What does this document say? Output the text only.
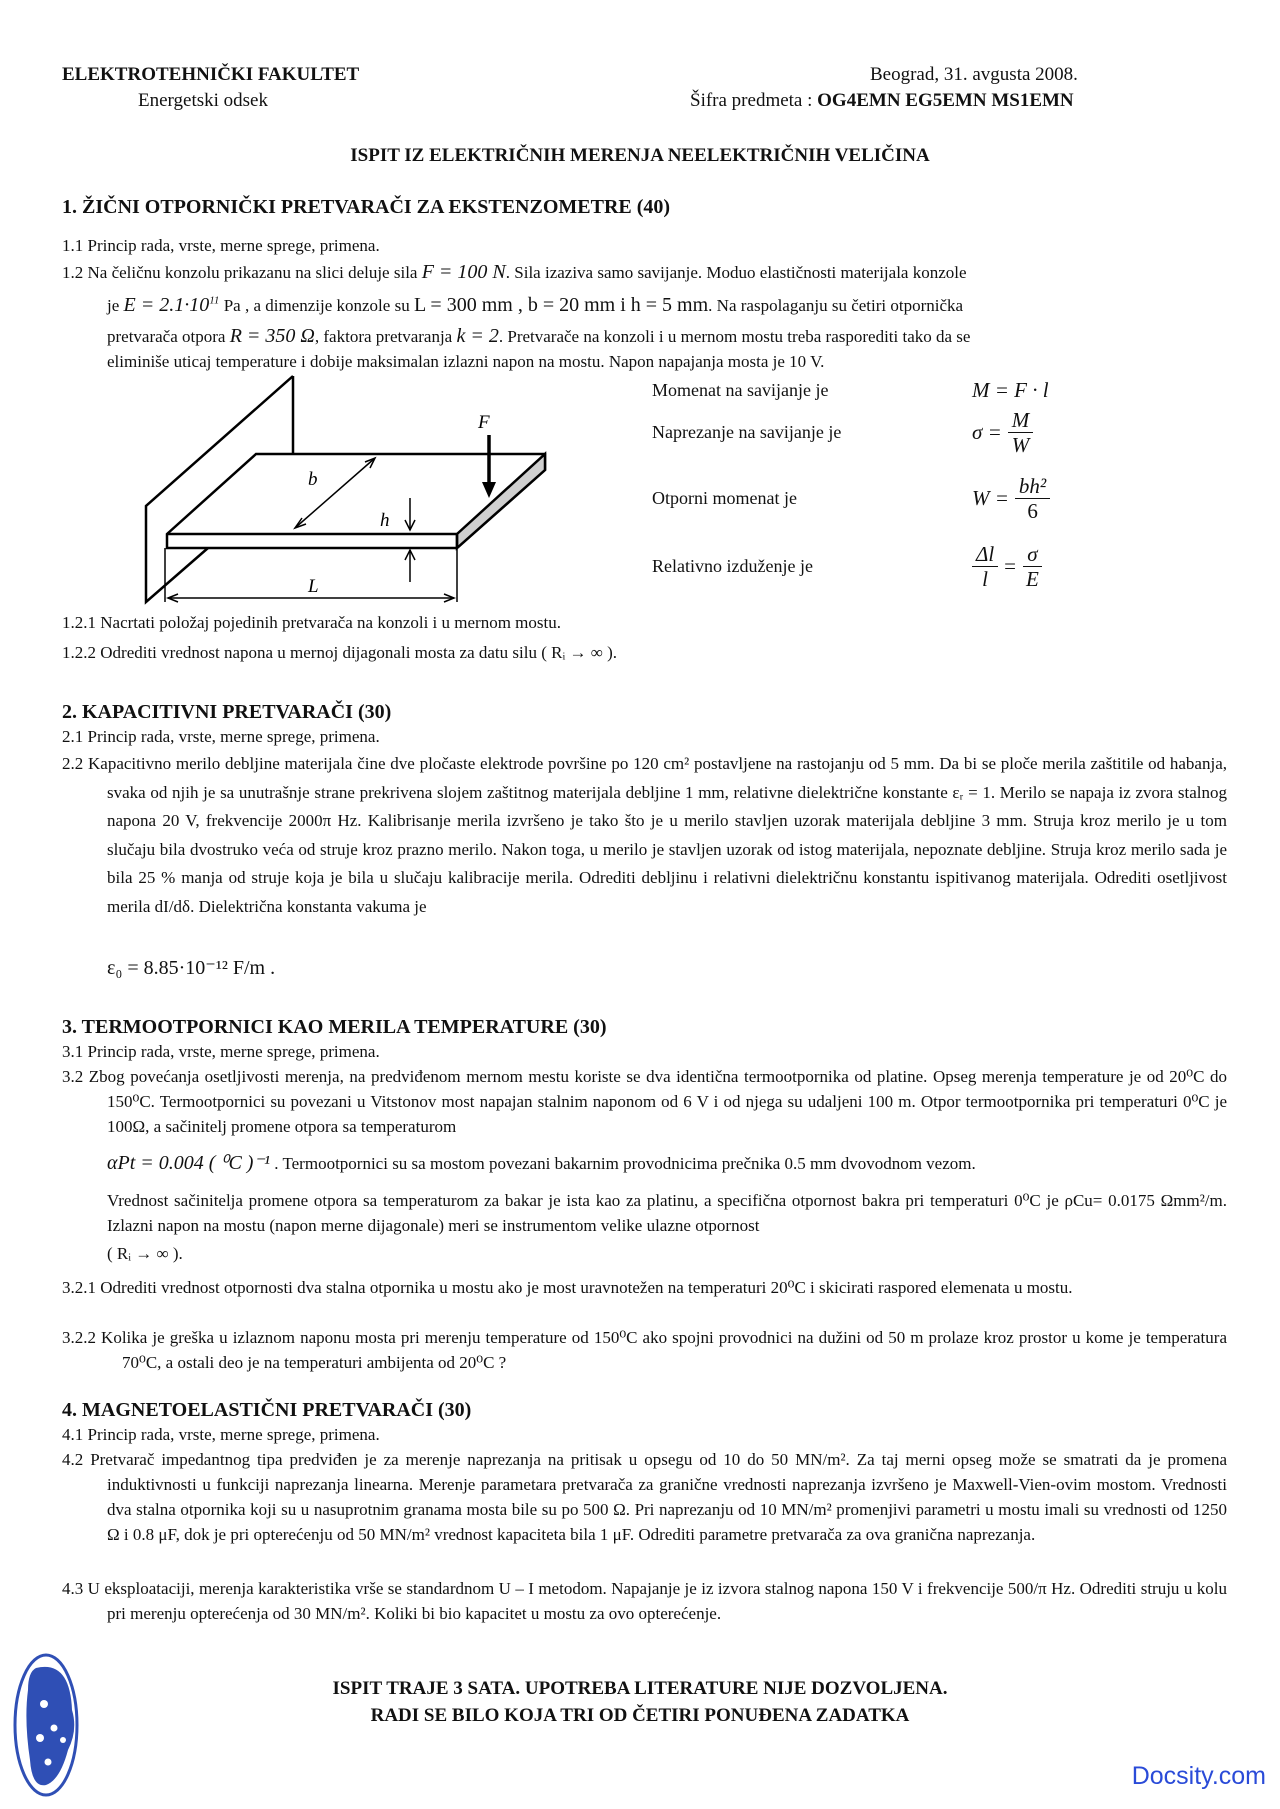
ELEKTROTEHNIČKI FAKULTET
Energetski odsek
Beograd, 31. avgusta 2008.
Šifra predmeta : OG4EMN EG5EMN MS1EMN
ISPIT IZ ELEKTRIČNIH MERENJA NEELEKTRIČNIH VELIČINA
1. ŽIČNI OTPORNIČKI PRETVARAČI ZA EKSTENZOMETRE (40)
1.1 Princip rada, vrste, merne sprege, primena.
1.2 Na čeličnu konzolu prikazanu na slici deluje sila F = 100 N. Sila izaziva samo savijanje. Moduo elastičnosti materijala konzole
je $E = 2.1\cdot 10^{11}$ Pa , a dimenzije konzole su L = 300 mm , b = 20 mm i h = 5 mm. Na raspolaganju su četiri otpornička
pretvarača otpora R = 350 Ω, faktora pretvaranja k = 2. Pretvarače na konzoli i u mernom mostu treba rasporediti tako da se
eliminiše uticaj temperature i dobije maksimalan izlazni napon na mostu. Napon napajanja mosta je 10 V.
F
b
h
L
Momenat na savijanje je	M = F · l
Naprezanje na savijanje je	$\sigma = \frac{M}{W}$
Otporni momenat je	$W = \frac{\text{bh²}}{6}$
Relativno izduženje je	$\frac{\Delta l}{l} = \frac{\sigma}{E}$
1.2.1 Nacrtati položaj pojedinih pretvarača na konzoli i u mernom mostu.
1.2.2 Odrediti vrednost napona u mernoj dijagonali mosta za datu silu ( Rᵢ → ∞ ).
2. KAPACITIVNI PRETVARAČI (30)
2.1 Princip rada, vrste, merne sprege, primena.
2.2 Kapacitivno merilo debljine materijala čine dve pločaste elektrode površine po 120 cm² postavljene na rastojanju od 5 mm. Da bi se ploče merila zaštitile od habanja, svaka od njih je sa unutrašnje strane prekrivena slojem zaštitnog materijala debljine 1 mm, relativne dielektrične konstante εᵣ = 1. Merilo se napaja iz zvora stalnog napona 20 V, frekvencije 2000π Hz. Kalibrisanje merila izvršeno je tako što je u merilo stavljen uzorak materijala debljine 3 mm. Struja kroz merilo je u tom slučaju bila dvostruko veća od struje kroz prazno merilo. Nakon toga, u merilo je stavljen uzorak od istog materijala, nepoznate debljine. Struja kroz merilo sada je bila 25 % manja od struje koja je bila u slučaju kalibracije merila. Odrediti debljinu i relativni dielektričnu konstantu ispitivanog materijala. Odrediti osetljivost merila dI/dδ. Dielektrična konstanta vakuma je
ε₀ = 8.85·10⁻¹² F/m .
3. TERMOOTPORNICI KAO MERILA TEMPERATURE (30)
3.1 Princip rada, vrste, merne sprege, primena.
3.2 Zbog povećanja osetljivosti merenja, na predviđenom mernom mestu koriste se dva identična termootpornika od platine. Opseg merenja temperature je od 20⁰C do 150⁰C. Termootpornici su povezani u Vitstonov most napajan stalnim naponom od 6 V i od njega su udaljeni 100 m. Otpor termootpornika pri temperaturi 0⁰C je 100Ω, a sačinitelj promene otpora sa temperaturom
αPt = 0.004 ( ⁰C )⁻¹ . Termootpornici su sa mostom povezani bakarnim provodnicima prečnika 0.5 mm dvovodnom vezom.
Vrednost sačinitelja promene otpora sa temperaturom za bakar je ista kao za platinu, a specifična otpornost bakra pri temperaturi 0⁰C je ρCu= 0.0175 Ωmm²/m. Izlazni napon na mostu (napon merne dijagonale) meri se instrumentom velike ulazne otpornost
( Rᵢ → ∞ ).
3.2.1 Odrediti vrednost otpornosti dva stalna otpornika u mostu ako je most uravnotežen na temperaturi 20⁰C i skicirati raspored elemenata u mostu.
3.2.2 Kolika je greška u izlaznom naponu mosta pri merenju temperature od 150⁰C ako spojni provodnici na dužini od 50 m prolaze kroz prostor u kome je temperatura 70⁰C, a ostali deo je na temperaturi ambijenta od 20⁰C ?
4. MAGNETOELASTIČNI PRETVARAČI (30)
4.1 Princip rada, vrste, merne sprege, primena.
4.2 Pretvarač impedantnog tipa predviđen je za merenje naprezanja na pritisak u opsegu od 10 do 50 MN/m². Za taj merni opseg može se smatrati da je promena induktivnosti u funkciji naprezanja linearna. Merenje parametara pretvarača za granične vrednosti naprezanja izvršeno je Maxwell-Vien-ovim mostom. Vrednosti dva stalna otpornika koji su u nasuprotnim granama mosta bile su po 500 Ω. Pri naprezanju od 10 MN/m² promenjivi parametri u mostu imali su vrednosti od 1250 Ω i 0.8 μF, dok je pri opterećenju od 50 MN/m² vrednost kapaciteta bila 1 μF. Odrediti parametre pretvarača za ova granična naprezanja.
4.3 U eksploataciji, merenja karakteristika vrše se standardnom U – I metodom. Napajanje je iz izvora stalnog napona 150 V i frekvencije 500/π Hz. Odrediti struju u kolu pri merenju opterećenja od 30 MN/m². Koliki bi bio kapacitet u mostu za ovo opterećenje.
ISPIT TRAJE 3 SATA. UPOTREBA LITERATURE NIJE DOZVOLJENA.
RADI SE BILO KOJA TRI OD ČETIRI PONUĐENA ZADATKA
Docsity.com
